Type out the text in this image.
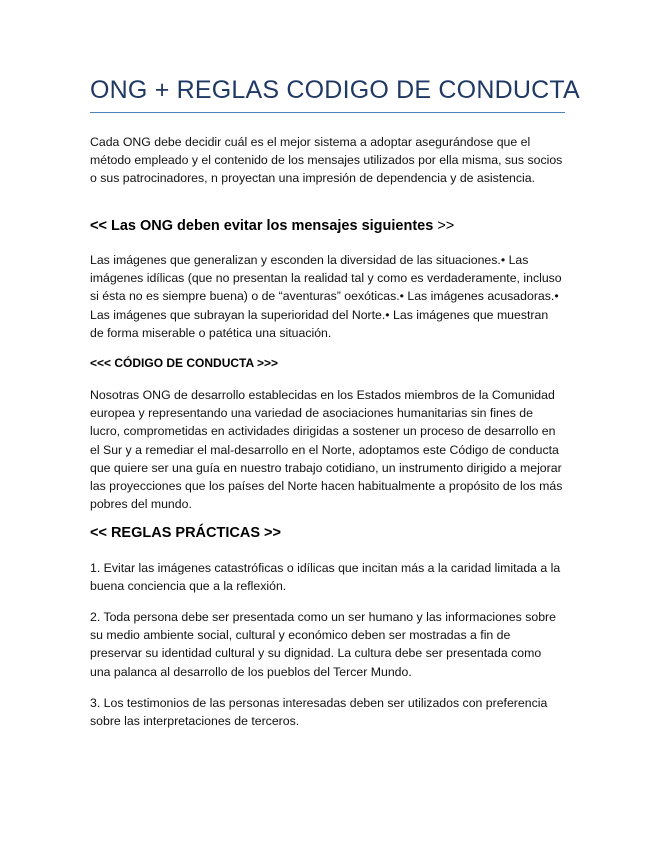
ONG + REGLAS CODIGO DE CONDUCTA

Cada ONG debe decidir cuál es el mejor sistema a adoptar asegurándose que el método empleado y el contenido de los mensajes utilizados por ella misma, sus socios o sus patrocinadores, n proyectan una impresión de dependencia y de asistencia.

<< Las ONG deben evitar los mensajes siguientes >>

Las imágenes que generalizan y esconden la diversidad de las situaciones.• Las imágenes idílicas (que no presentan la realidad tal y como es verdaderamente, incluso si ésta no es siempre buena) o de “aventuras” oexóticas.• Las imágenes acusadoras.• Las imágenes que subrayan la superioridad del Norte.• Las imágenes que muestran de forma miserable o patética una situación.

<<< CÓDIGO DE CONDUCTA >>>

Nosotras ONG de desarrollo establecidas en los Estados miembros de la Comunidad europea y representando una variedad de asociaciones humanitarias sin fines de lucro, comprometidas en actividades dirigidas a sostener un proceso de desarrollo en el Sur y a remediar el mal-desarrollo en el Norte, adoptamos este Código de conducta que quiere ser una guía en nuestro trabajo cotidiano, un instrumento dirigido a mejorar las proyecciones que los países del Norte hacen habitualmente a propósito de los más pobres del mundo.

<< REGLAS PRÁCTICAS >>

1. Evitar las imágenes catastróficas o idílicas que incitan más a la caridad limitada a la buena conciencia que a la reflexión.

2. Toda persona debe ser presentada como un ser humano y las informaciones sobre su medio ambiente social, cultural y económico deben ser mostradas a fin de preservar su identidad cultural y su dignidad. La cultura debe ser presentada como una palanca al desarrollo de los pueblos del Tercer Mundo.

3. Los testimonios de las personas interesadas deben ser utilizados con preferencia sobre las interpretaciones de terceros.
